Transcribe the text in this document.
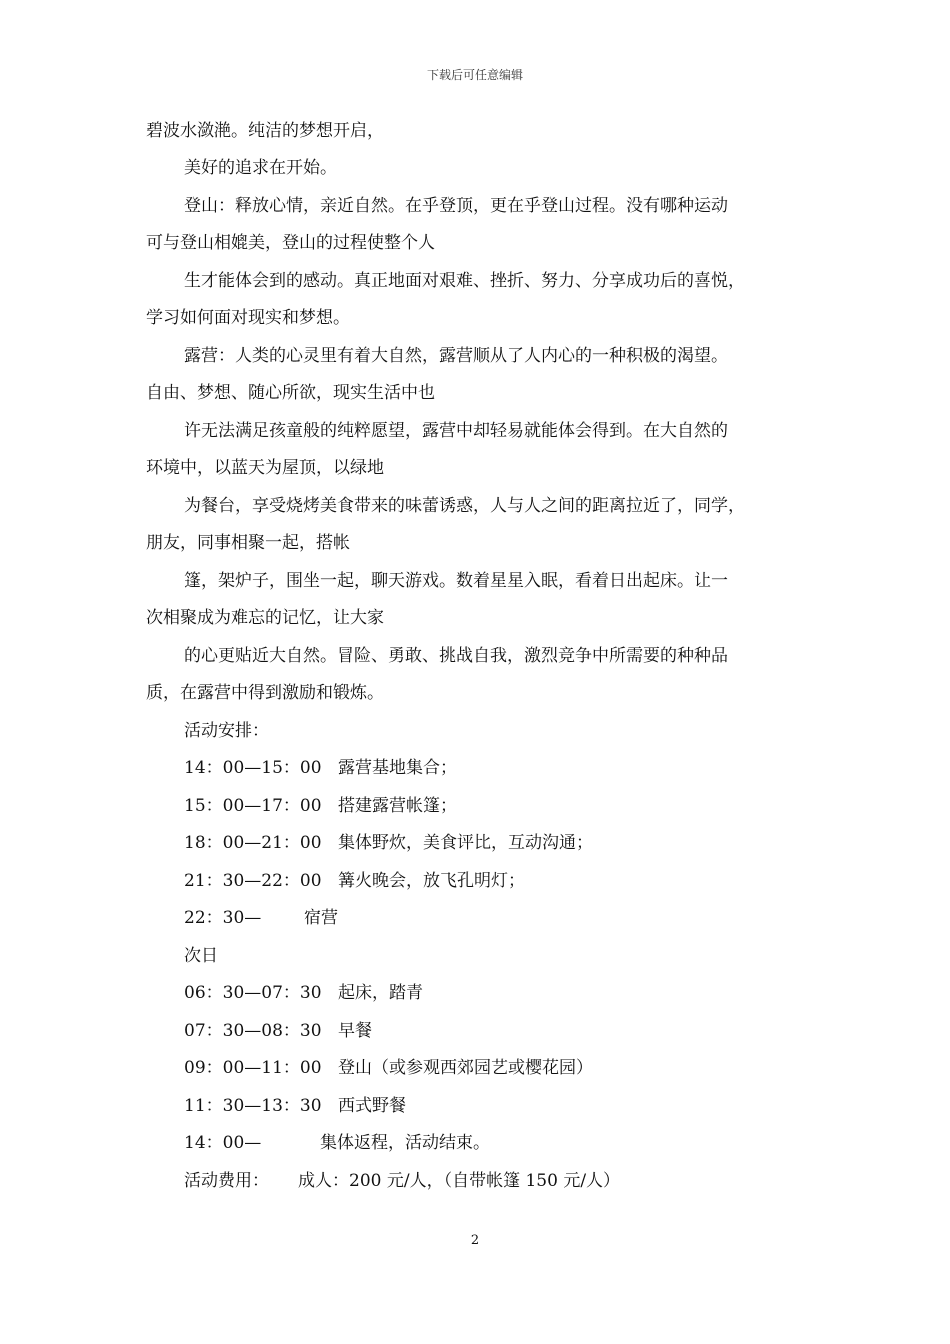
下载后可任意编辑
碧波水潋滟。纯洁的梦想开启，
美好的追求在开始。
登山：释放心情，亲近自然。在乎登顶，更在乎登山过程。没有哪种运动
可与登山相媲美，登山的过程使整个人
生才能体会到的感动。真正地面对艰难、挫折、努力、分享成功后的喜悦，
学习如何面对现实和梦想。
露营：人类的心灵里有着大自然，露营顺从了人内心的一种积极的渴望。
自由、梦想、随心所欲，现实生活中也
许无法满足孩童般的纯粹愿望，露营中却轻易就能体会得到。在大自然的
环境中，以蓝天为屋顶，以绿地
为餐台，享受烧烤美食带来的味蕾诱惑，人与人之间的距离拉近了，同学，
朋友，同事相聚一起，搭帐
篷，架炉子，围坐一起，聊天游戏。数着星星入眠，看着日出起床。让一
次相聚成为难忘的记忆，让大家
的心更贴近大自然。冒险、勇敢、挑战自我，激烈竞争中所需要的种种品
质，在露营中得到激励和锻炼。
活动安排：
14：00—15：00 露营基地集合；
15：00—17：00 搭建露营帐篷；
18：00—21：00 集体野炊，美食评比，互动沟通；
21：30—22：00 篝火晚会，放飞孔明灯；
22：30—	宿营
次日
06：30—07：30 起床，踏青
07：30—08：30 早餐
09：00—11：00 登山（或参观西郊园艺或樱花园）
11：30—13：30 西式野餐
14：00—	集体返程，活动结束。
活动费用： 成人：200 元/人，（自带帐篷 150 元/人）
2
